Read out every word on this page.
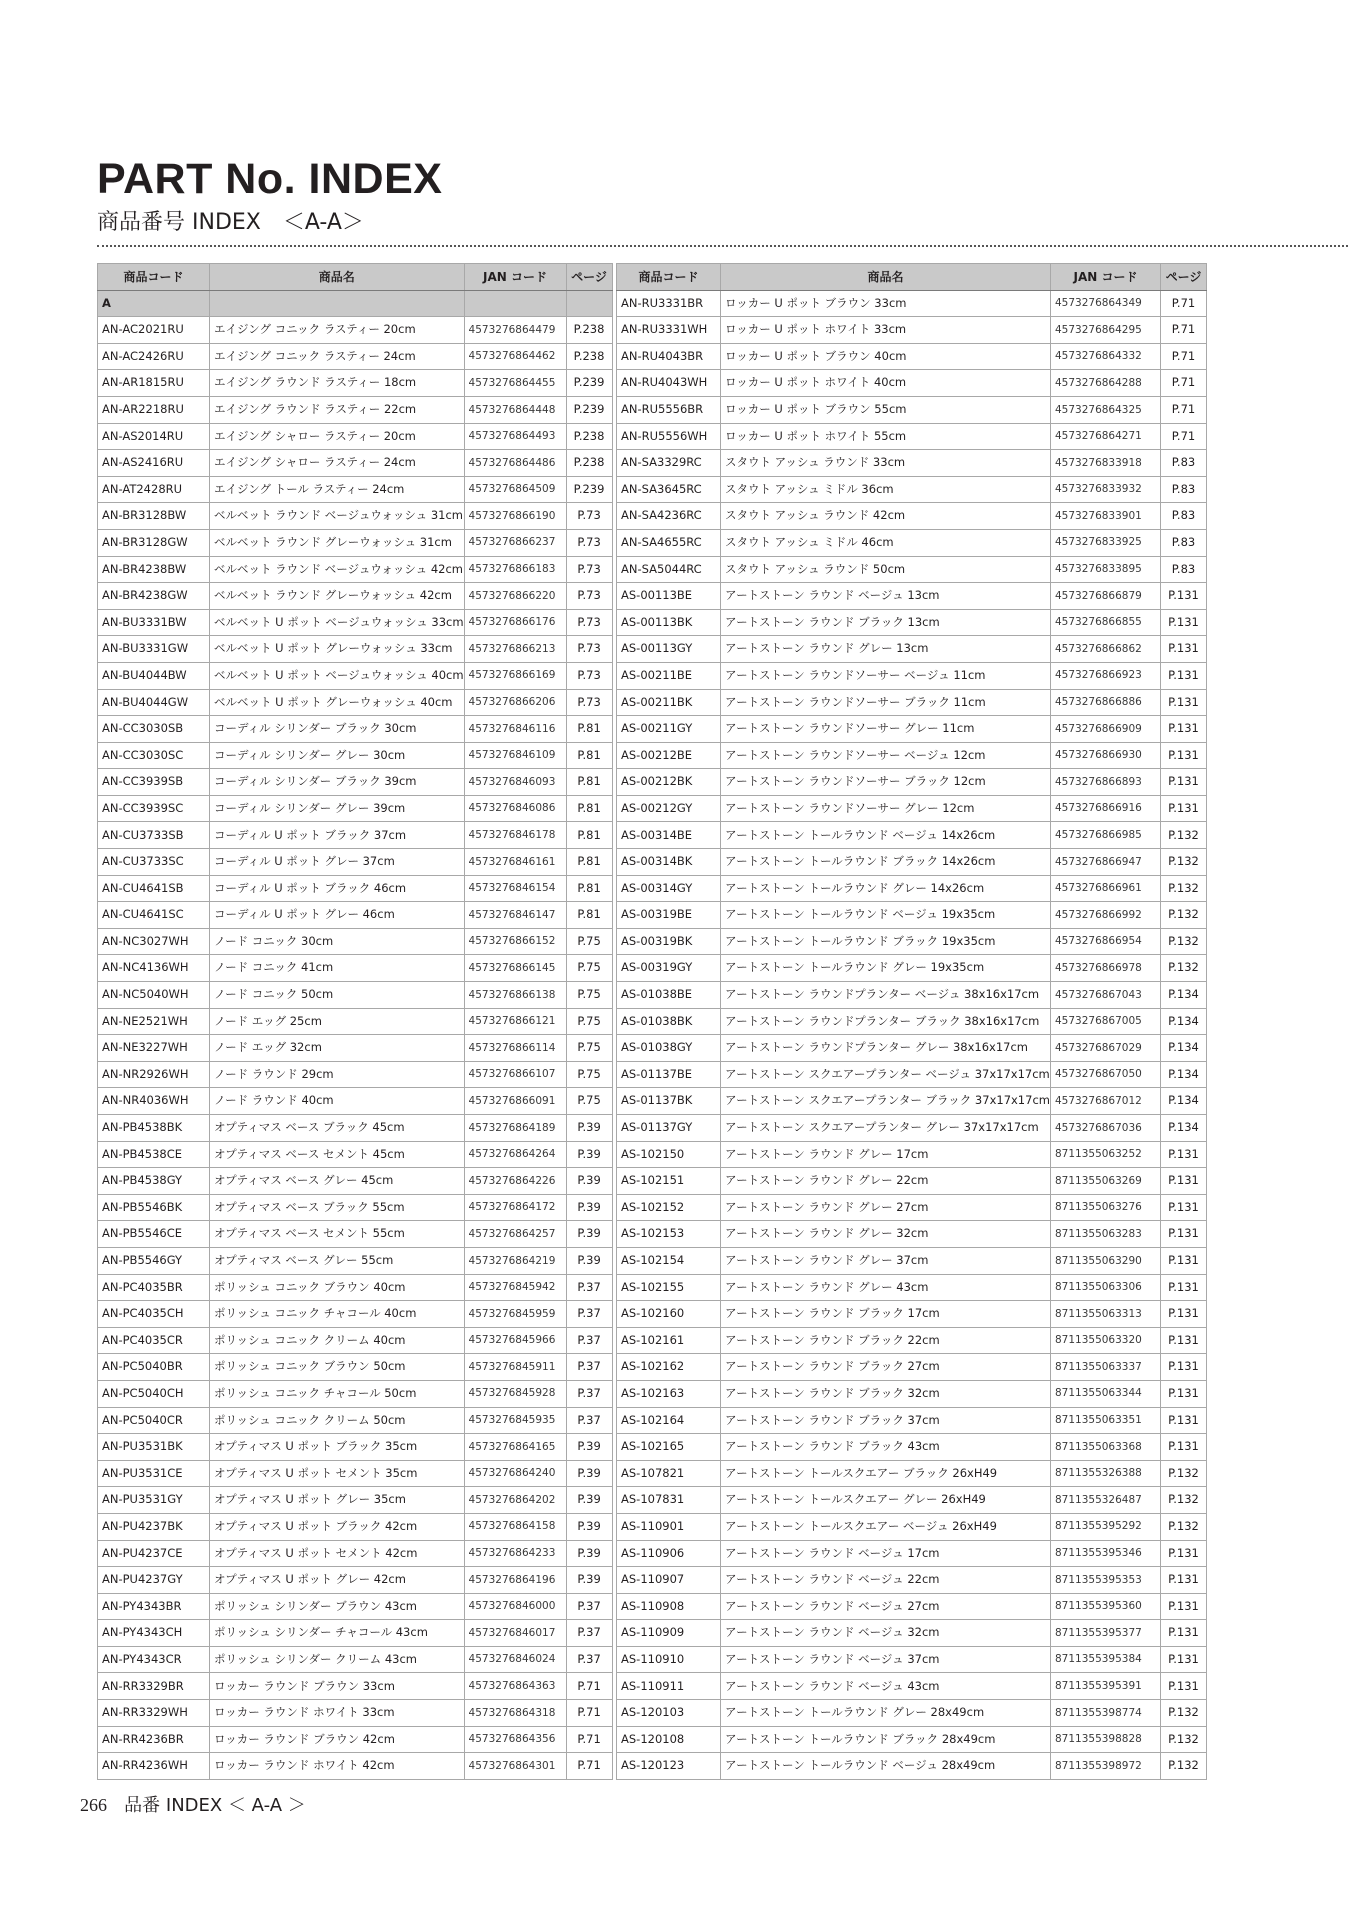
PART No. INDEX
商品番号 INDEX　＜A-A＞
商品コード	商品名	JAN コード	ページ
A			
AN-AC2021RU	エイジング コニック ラスティー 20cm	4573276864479	P.238
AN-AC2426RU	エイジング コニック ラスティー 24cm	4573276864462	P.238
AN-AR1815RU	エイジング ラウンド ラスティー 18cm	4573276864455	P.239
AN-AR2218RU	エイジング ラウンド ラスティー 22cm	4573276864448	P.239
AN-AS2014RU	エイジング シャロー ラスティー 20cm	4573276864493	P.238
AN-AS2416RU	エイジング シャロー ラスティー 24cm	4573276864486	P.238
AN-AT2428RU	エイジング トール ラスティー 24cm	4573276864509	P.239
AN-BR3128BW	ベルベット ラウンド ベージュウォッシュ 31cm	4573276866190	P.73
AN-BR3128GW	ベルベット ラウンド グレーウォッシュ 31cm	4573276866237	P.73
AN-BR4238BW	ベルベット ラウンド ベージュウォッシュ 42cm	4573276866183	P.73
AN-BR4238GW	ベルベット ラウンド グレーウォッシュ 42cm	4573276866220	P.73
AN-BU3331BW	ベルベット U ポット ベージュウォッシュ 33cm	4573276866176	P.73
AN-BU3331GW	ベルベット U ポット グレーウォッシュ 33cm	4573276866213	P.73
AN-BU4044BW	ベルベット U ポット ベージュウォッシュ 40cm	4573276866169	P.73
AN-BU4044GW	ベルベット U ポット グレーウォッシュ 40cm	4573276866206	P.73
AN-CC3030SB	コーディル シリンダー ブラック 30cm	4573276846116	P.81
AN-CC3030SC	コーディル シリンダー グレー 30cm	4573276846109	P.81
AN-CC3939SB	コーディル シリンダー ブラック 39cm	4573276846093	P.81
AN-CC3939SC	コーディル シリンダー グレー 39cm	4573276846086	P.81
AN-CU3733SB	コーディル U ポット ブラック 37cm	4573276846178	P.81
AN-CU3733SC	コーディル U ポット グレー 37cm	4573276846161	P.81
AN-CU4641SB	コーディル U ポット ブラック 46cm	4573276846154	P.81
AN-CU4641SC	コーディル U ポット グレー 46cm	4573276846147	P.81
AN-NC3027WH	ノード コニック 30cm	4573276866152	P.75
AN-NC4136WH	ノード コニック 41cm	4573276866145	P.75
AN-NC5040WH	ノード コニック 50cm	4573276866138	P.75
AN-NE2521WH	ノード エッグ 25cm	4573276866121	P.75
AN-NE3227WH	ノード エッグ 32cm	4573276866114	P.75
AN-NR2926WH	ノード ラウンド 29cm	4573276866107	P.75
AN-NR4036WH	ノード ラウンド 40cm	4573276866091	P.75
AN-PB4538BK	オプティマス ベース ブラック 45cm	4573276864189	P.39
AN-PB4538CE	オプティマス ベース セメント 45cm	4573276864264	P.39
AN-PB4538GY	オプティマス ベース グレー 45cm	4573276864226	P.39
AN-PB5546BK	オプティマス ベース ブラック 55cm	4573276864172	P.39
AN-PB5546CE	オプティマス ベース セメント 55cm	4573276864257	P.39
AN-PB5546GY	オプティマス ベース グレー 55cm	4573276864219	P.39
AN-PC4035BR	ポリッシュ コニック ブラウン 40cm	4573276845942	P.37
AN-PC4035CH	ポリッシュ コニック チャコール 40cm	4573276845959	P.37
AN-PC4035CR	ポリッシュ コニック クリーム 40cm	4573276845966	P.37
AN-PC5040BR	ポリッシュ コニック ブラウン 50cm	4573276845911	P.37
AN-PC5040CH	ポリッシュ コニック チャコール 50cm	4573276845928	P.37
AN-PC5040CR	ポリッシュ コニック クリーム 50cm	4573276845935	P.37
AN-PU3531BK	オプティマス U ポット ブラック 35cm	4573276864165	P.39
AN-PU3531CE	オプティマス U ポット セメント 35cm	4573276864240	P.39
AN-PU3531GY	オプティマス U ポット グレー 35cm	4573276864202	P.39
AN-PU4237BK	オプティマス U ポット ブラック 42cm	4573276864158	P.39
AN-PU4237CE	オプティマス U ポット セメント 42cm	4573276864233	P.39
AN-PU4237GY	オプティマス U ポット グレー 42cm	4573276864196	P.39
AN-PY4343BR	ポリッシュ シリンダー ブラウン 43cm	4573276846000	P.37
AN-PY4343CH	ポリッシュ シリンダー チャコール 43cm	4573276846017	P.37
AN-PY4343CR	ポリッシュ シリンダー クリーム 43cm	4573276846024	P.37
AN-RR3329BR	ロッカー ラウンド ブラウン 33cm	4573276864363	P.71
AN-RR3329WH	ロッカー ラウンド ホワイト 33cm	4573276864318	P.71
AN-RR4236BR	ロッカー ラウンド ブラウン 42cm	4573276864356	P.71
AN-RR4236WH	ロッカー ラウンド ホワイト 42cm	4573276864301	P.71
商品コード	商品名	JAN コード	ページ
AN-RU3331BR	ロッカー U ポット ブラウン 33cm	4573276864349	P.71
AN-RU3331WH	ロッカー U ポット ホワイト 33cm	4573276864295	P.71
AN-RU4043BR	ロッカー U ポット ブラウン 40cm	4573276864332	P.71
AN-RU4043WH	ロッカー U ポット ホワイト 40cm	4573276864288	P.71
AN-RU5556BR	ロッカー U ポット ブラウン 55cm	4573276864325	P.71
AN-RU5556WH	ロッカー U ポット ホワイト 55cm	4573276864271	P.71
AN-SA3329RC	スタウト アッシュ ラウンド 33cm	4573276833918	P.83
AN-SA3645RC	スタウト アッシュ ミドル 36cm	4573276833932	P.83
AN-SA4236RC	スタウト アッシュ ラウンド 42cm	4573276833901	P.83
AN-SA4655RC	スタウト アッシュ ミドル 46cm	4573276833925	P.83
AN-SA5044RC	スタウト アッシュ ラウンド 50cm	4573276833895	P.83
AS-00113BE	アートストーン ラウンド ベージュ 13cm	4573276866879	P.131
AS-00113BK	アートストーン ラウンド ブラック 13cm	4573276866855	P.131
AS-00113GY	アートストーン ラウンド グレー 13cm	4573276866862	P.131
AS-00211BE	アートストーン ラウンドソーサー ベージュ 11cm	4573276866923	P.131
AS-00211BK	アートストーン ラウンドソーサー ブラック 11cm	4573276866886	P.131
AS-00211GY	アートストーン ラウンドソーサー グレー 11cm	4573276866909	P.131
AS-00212BE	アートストーン ラウンドソーサー ベージュ 12cm	4573276866930	P.131
AS-00212BK	アートストーン ラウンドソーサー ブラック 12cm	4573276866893	P.131
AS-00212GY	アートストーン ラウンドソーサー グレー 12cm	4573276866916	P.131
AS-00314BE	アートストーン トールラウンド ベージュ 14x26cm	4573276866985	P.132
AS-00314BK	アートストーン トールラウンド ブラック 14x26cm	4573276866947	P.132
AS-00314GY	アートストーン トールラウンド グレー 14x26cm	4573276866961	P.132
AS-00319BE	アートストーン トールラウンド ベージュ 19x35cm	4573276866992	P.132
AS-00319BK	アートストーン トールラウンド ブラック 19x35cm	4573276866954	P.132
AS-00319GY	アートストーン トールラウンド グレー 19x35cm	4573276866978	P.132
AS-01038BE	アートストーン ラウンドプランター ベージュ 38x16x17cm	4573276867043	P.134
AS-01038BK	アートストーン ラウンドプランター ブラック 38x16x17cm	4573276867005	P.134
AS-01038GY	アートストーン ラウンドプランター グレー 38x16x17cm	4573276867029	P.134
AS-01137BE	アートストーン スクエアープランター ベージュ 37x17x17cm	4573276867050	P.134
AS-01137BK	アートストーン スクエアープランター ブラック 37x17x17cm	4573276867012	P.134
AS-01137GY	アートストーン スクエアープランター グレー 37x17x17cm	4573276867036	P.134
AS-102150	アートストーン ラウンド グレー 17cm	8711355063252	P.131
AS-102151	アートストーン ラウンド グレー 22cm	8711355063269	P.131
AS-102152	アートストーン ラウンド グレー 27cm	8711355063276	P.131
AS-102153	アートストーン ラウンド グレー 32cm	8711355063283	P.131
AS-102154	アートストーン ラウンド グレー 37cm	8711355063290	P.131
AS-102155	アートストーン ラウンド グレー 43cm	8711355063306	P.131
AS-102160	アートストーン ラウンド ブラック 17cm	8711355063313	P.131
AS-102161	アートストーン ラウンド ブラック 22cm	8711355063320	P.131
AS-102162	アートストーン ラウンド ブラック 27cm	8711355063337	P.131
AS-102163	アートストーン ラウンド ブラック 32cm	8711355063344	P.131
AS-102164	アートストーン ラウンド ブラック 37cm	8711355063351	P.131
AS-102165	アートストーン ラウンド ブラック 43cm	8711355063368	P.131
AS-107821	アートストーン トールスクエアー ブラック 26xH49	8711355326388	P.132
AS-107831	アートストーン トールスクエアー グレー 26xH49	8711355326487	P.132
AS-110901	アートストーン トールスクエアー ベージュ 26xH49	8711355395292	P.132
AS-110906	アートストーン ラウンド ベージュ 17cm	8711355395346	P.131
AS-110907	アートストーン ラウンド ベージュ 22cm	8711355395353	P.131
AS-110908	アートストーン ラウンド ベージュ 27cm	8711355395360	P.131
AS-110909	アートストーン ラウンド ベージュ 32cm	8711355395377	P.131
AS-110910	アートストーン ラウンド ベージュ 37cm	8711355395384	P.131
AS-110911	アートストーン ラウンド ベージュ 43cm	8711355395391	P.131
AS-120103	アートストーン トールラウンド グレー 28x49cm	8711355398774	P.132
AS-120108	アートストーン トールラウンド ブラック 28x49cm	8711355398828	P.132
AS-120123	アートストーン トールラウンド ベージュ 28x49cm	8711355398972	P.132
266 品番 INDEX ＜ A-A ＞
